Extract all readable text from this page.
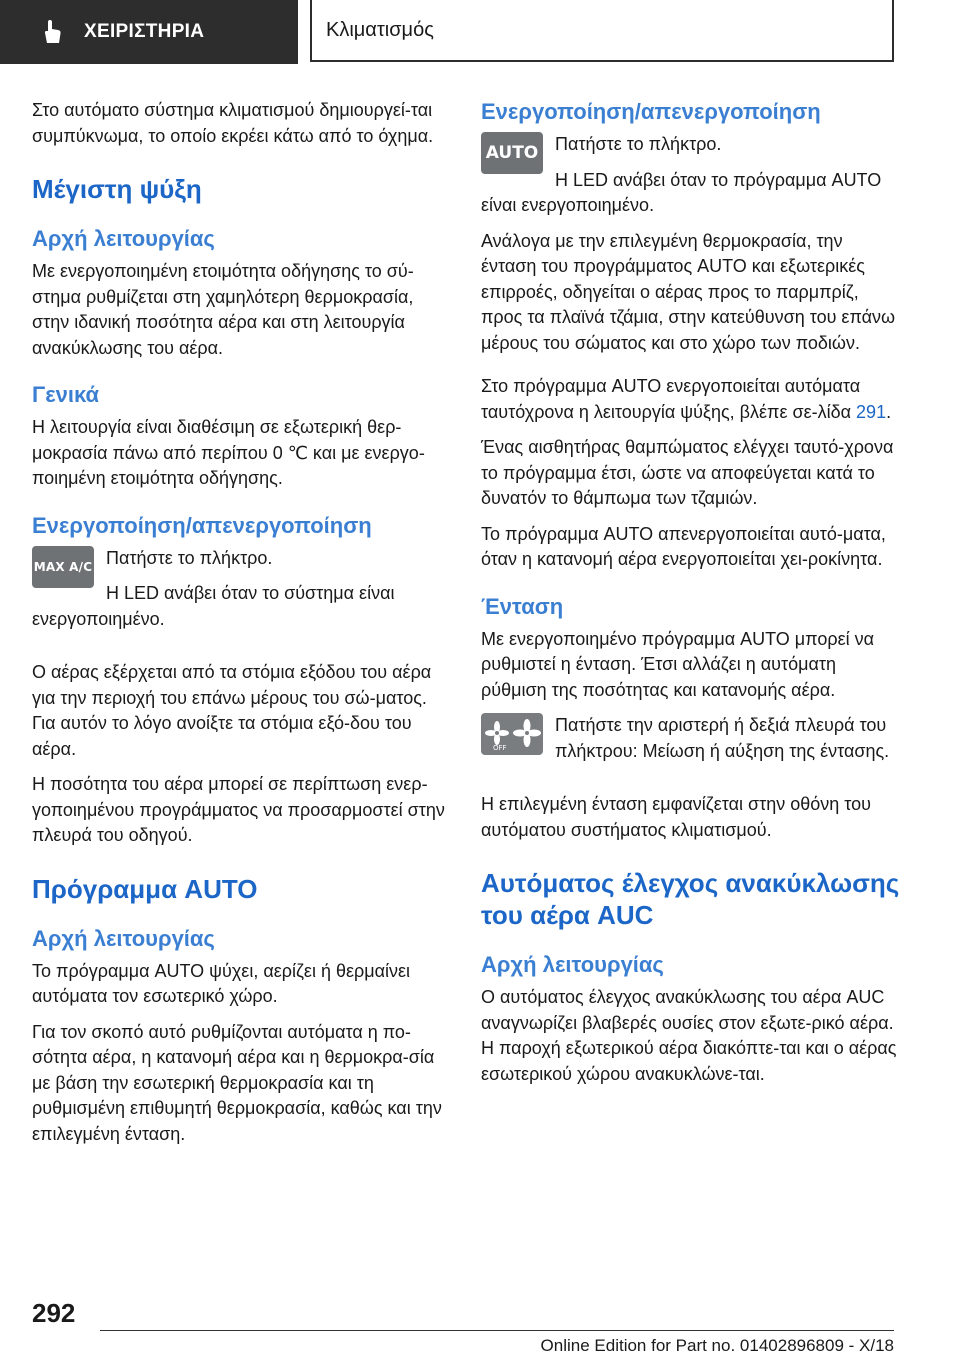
ΧΕΙΡΙΣΤΗΡΙΑ	Κλιματισμός

Στο αυτόματο σύστημα κλιματισμού δημιουργεί-ται συμπύκνωμα, το οποίο εκρέει κάτω από το όχημα.

Μέγιστη ψύξη
Αρχή λειτουργίας

Με ενεργοποιημένη ετοιμότητα οδήγησης το σύ-στημα ρυθμίζεται στη χαμηλότερη θερμοκρασία, στην ιδανική ποσότητα αέρα και στη λειτουργία ανακύκλωσης του αέρα.

Γενικά

Η λειτουργία είναι διαθέσιμη σε εξωτερική θερ-μοκρασία πάνω από περίπου 0 ℃ και με ενεργο-ποιημένη ετοιμότητα οδήγησης.

Ενεργοποίηση/απενεργοποίηση
MAX A/C Πατήστε το πλήκτρο.

Η LED ανάβει όταν το σύστημα είναι ενεργοποιημένο.

Ο αέρας εξέρχεται από τα στόμια εξόδου του αέρα για την περιοχή του επάνω μέρους του σώ-ματος. Για αυτόν το λόγο ανοίξτε τα στόμια εξό-δου του αέρα.

Η ποσότητα του αέρα μπορεί σε περίπτωση ενερ-γοποιημένου προγράμματος να προσαρμοστεί στην πλευρά του οδηγού.

Πρόγραμμα AUTO
Αρχή λειτουργίας

Το πρόγραμμα AUTO ψύχει, αερίζει ή θερμαίνει αυτόματα τον εσωτερικό χώρο.

Για τον σκοπό αυτό ρυθμίζονται αυτόματα η πο-σότητα αέρα, η κατανομή αέρα και η θερμοκρα-σία με βάση την εσωτερική θερμοκρασία και τη ρυθμισμένη επιθυμητή θερμοκρασία, καθώς και την επιλεγμένη ένταση.

Ενεργοποίηση/απενεργοποίηση
AUTO Πατήστε το πλήκτρο.

Η LED ανάβει όταν το πρόγραμμα AUTO είναι ενεργοποιημένο.

Ανάλογα με την επιλεγμένη θερμοκρασία, την ένταση του προγράμματος AUTO και εξωτερικές επιρροές, οδηγείται ο αέρας προς το παρμπρίζ, προς τα πλαϊνά τζάμια, στην κατεύθυνση του επάνω μέρους του σώματος και στο χώρο των ποδιών.

Στο πρόγραμμα AUTO ενεργοποιείται αυτόματα ταυτόχρονα η λειτουργία ψύξης, βλέπε σε-λίδα 291.

Ένας αισθητήρας θαμπώματος ελέγχει ταυτό-χρονα το πρόγραμμα έτσι, ώστε να αποφεύγεται κατά το δυνατόν το θάμπωμα των τζαμιών.

Το πρόγραμμα AUTO απενεργοποιείται αυτό-ματα, όταν η κατανομή αέρα ενεργοποιείται χει-ροκίνητα.

Ένταση

Με ενεργοποιημένο πρόγραμμα AUTO μπορεί να ρυθμιστεί η ένταση. Έτσι αλλάζει η αυτόματη ρύθμιση της ποσότητας και κατανομής αέρα.

OFF

Πατήστε την αριστερή ή δεξιά πλευρά του πλήκτρου: Μείωση ή αύξηση της έντασης.

Η επιλεγμένη ένταση εμφανίζεται στην οθόνη του αυτόματου συστήματος κλιματισμού.

Αυτόματος έλεγχος ανακύκλωσης του αέρα AUC
Αρχή λειτουργίας

Ο αυτόματος έλεγχος ανακύκλωσης του αέρα AUC αναγνωρίζει βλαβερές ουσίες στον εξωτε-ρικό αέρα. Η παροχή εξωτερικού αέρα διακόπτε-ται και ο αέρας εσωτερικού χώρου ανακυκλώνε-ται.

292
Online Edition for Part no. 01402896809 - X/18
